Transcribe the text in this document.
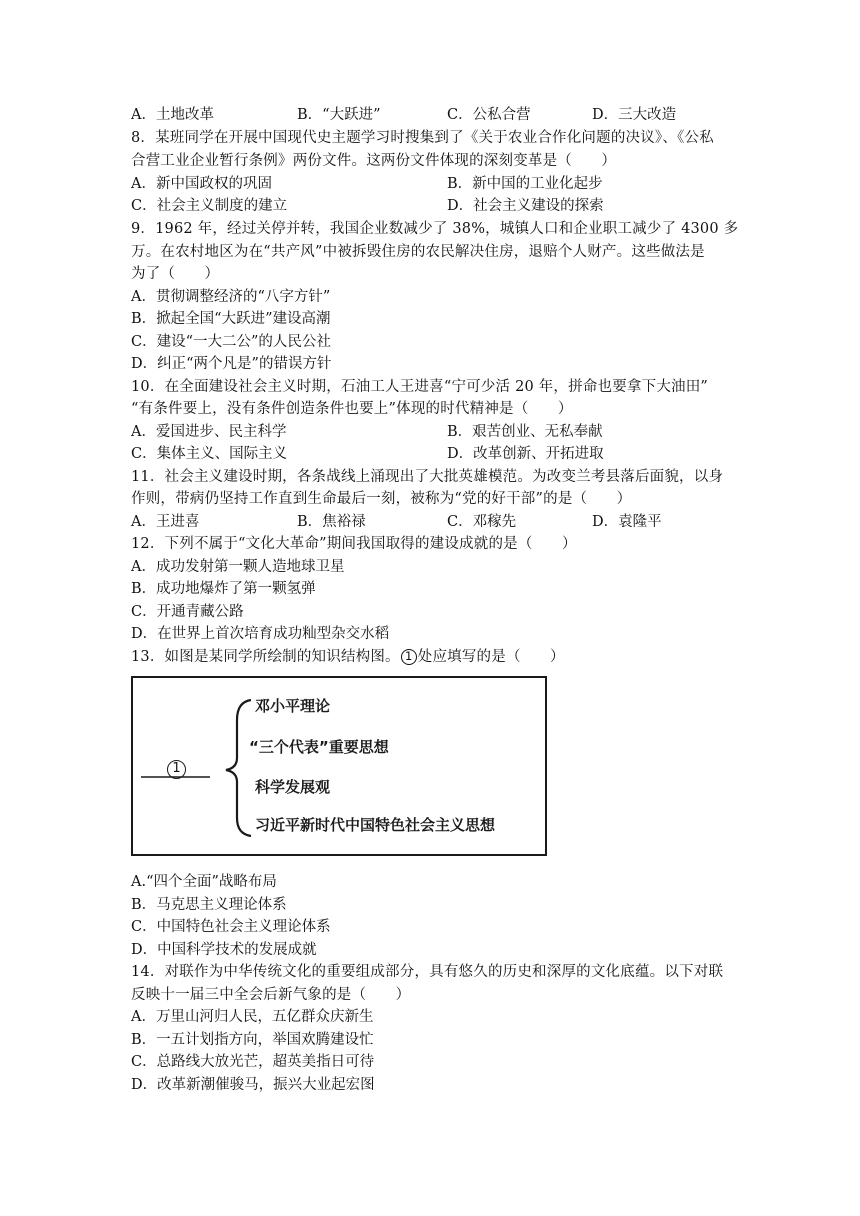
A．土地改革	B．“大跃进”	C．公私合营	D．三大改造
8．某班同学在开展中国现代史主题学习时搜集到了《关于农业合作化问题的决议》、《公私
合营工业企业暂行条例》两份文件。这两份文件体现的深刻变革是（　　）
A．新中国政权的巩固	B．新中国的工业化起步
C．社会主义制度的建立	D．社会主义建设的探索
9．1962 年，经过关停并转，我国企业数减少了 38%，城镇人口和企业职工减少了 4300 多
万。在农村地区为在“共产风”中被拆毁住房的农民解决住房，退赔个人财产。这些做法是
为了（　　）
A．贯彻调整经济的“八字方针”
B．掀起全国“大跃进”建设高潮
C．建设“一大二公”的人民公社
D．纠正“两个凡是”的错误方针
10．在全面建设社会主义时期，石油工人王进喜“宁可少活 20 年，拼命也要拿下大油田”
“有条件要上，没有条件创造条件也要上”体现的时代精神是（　　）
A．爱国进步、民主科学	B．艰苦创业、无私奉献
C．集体主义、国际主义	D．改革创新、开拓进取
11．社会主义建设时期，各条战线上涌现出了大批英雄模范。为改变兰考县落后面貌，以身
作则，带病仍坚持工作直到生命最后一刻，被称为“党的好干部”的是（　　）
A．王进喜	B．焦裕禄	C．邓稼先	D．袁隆平
12．下列不属于“文化大革命”期间我国取得的建设成就的是（　　）
A．成功发射第一颗人造地球卫星
B．成功地爆炸了第一颗氢弹
C．开通青藏公路
D．在世界上首次培育成功籼型杂交水稻
13．如图是某同学所绘制的知识结构图。 1 处应填写的是（　　）
1
邓小平理论
“三个代表”重要思想
科学发展观
习近平新时代中国特色社会主义思想
A.“四个全面”战略布局
B．马克思主义理论体系
C．中国特色社会主义理论体系
D．中国科学技术的发展成就
14．对联作为中华传统文化的重要组成部分，具有悠久的历史和深厚的文化底蕴。以下对联
反映十一届三中全会后新气象的是（　　）
A．万里山河归人民，五亿群众庆新生
B．一五计划指方向，举国欢腾建设忙
C．总路线大放光芒，超英美指日可待
D．改革新潮催骏马，振兴大业起宏图
